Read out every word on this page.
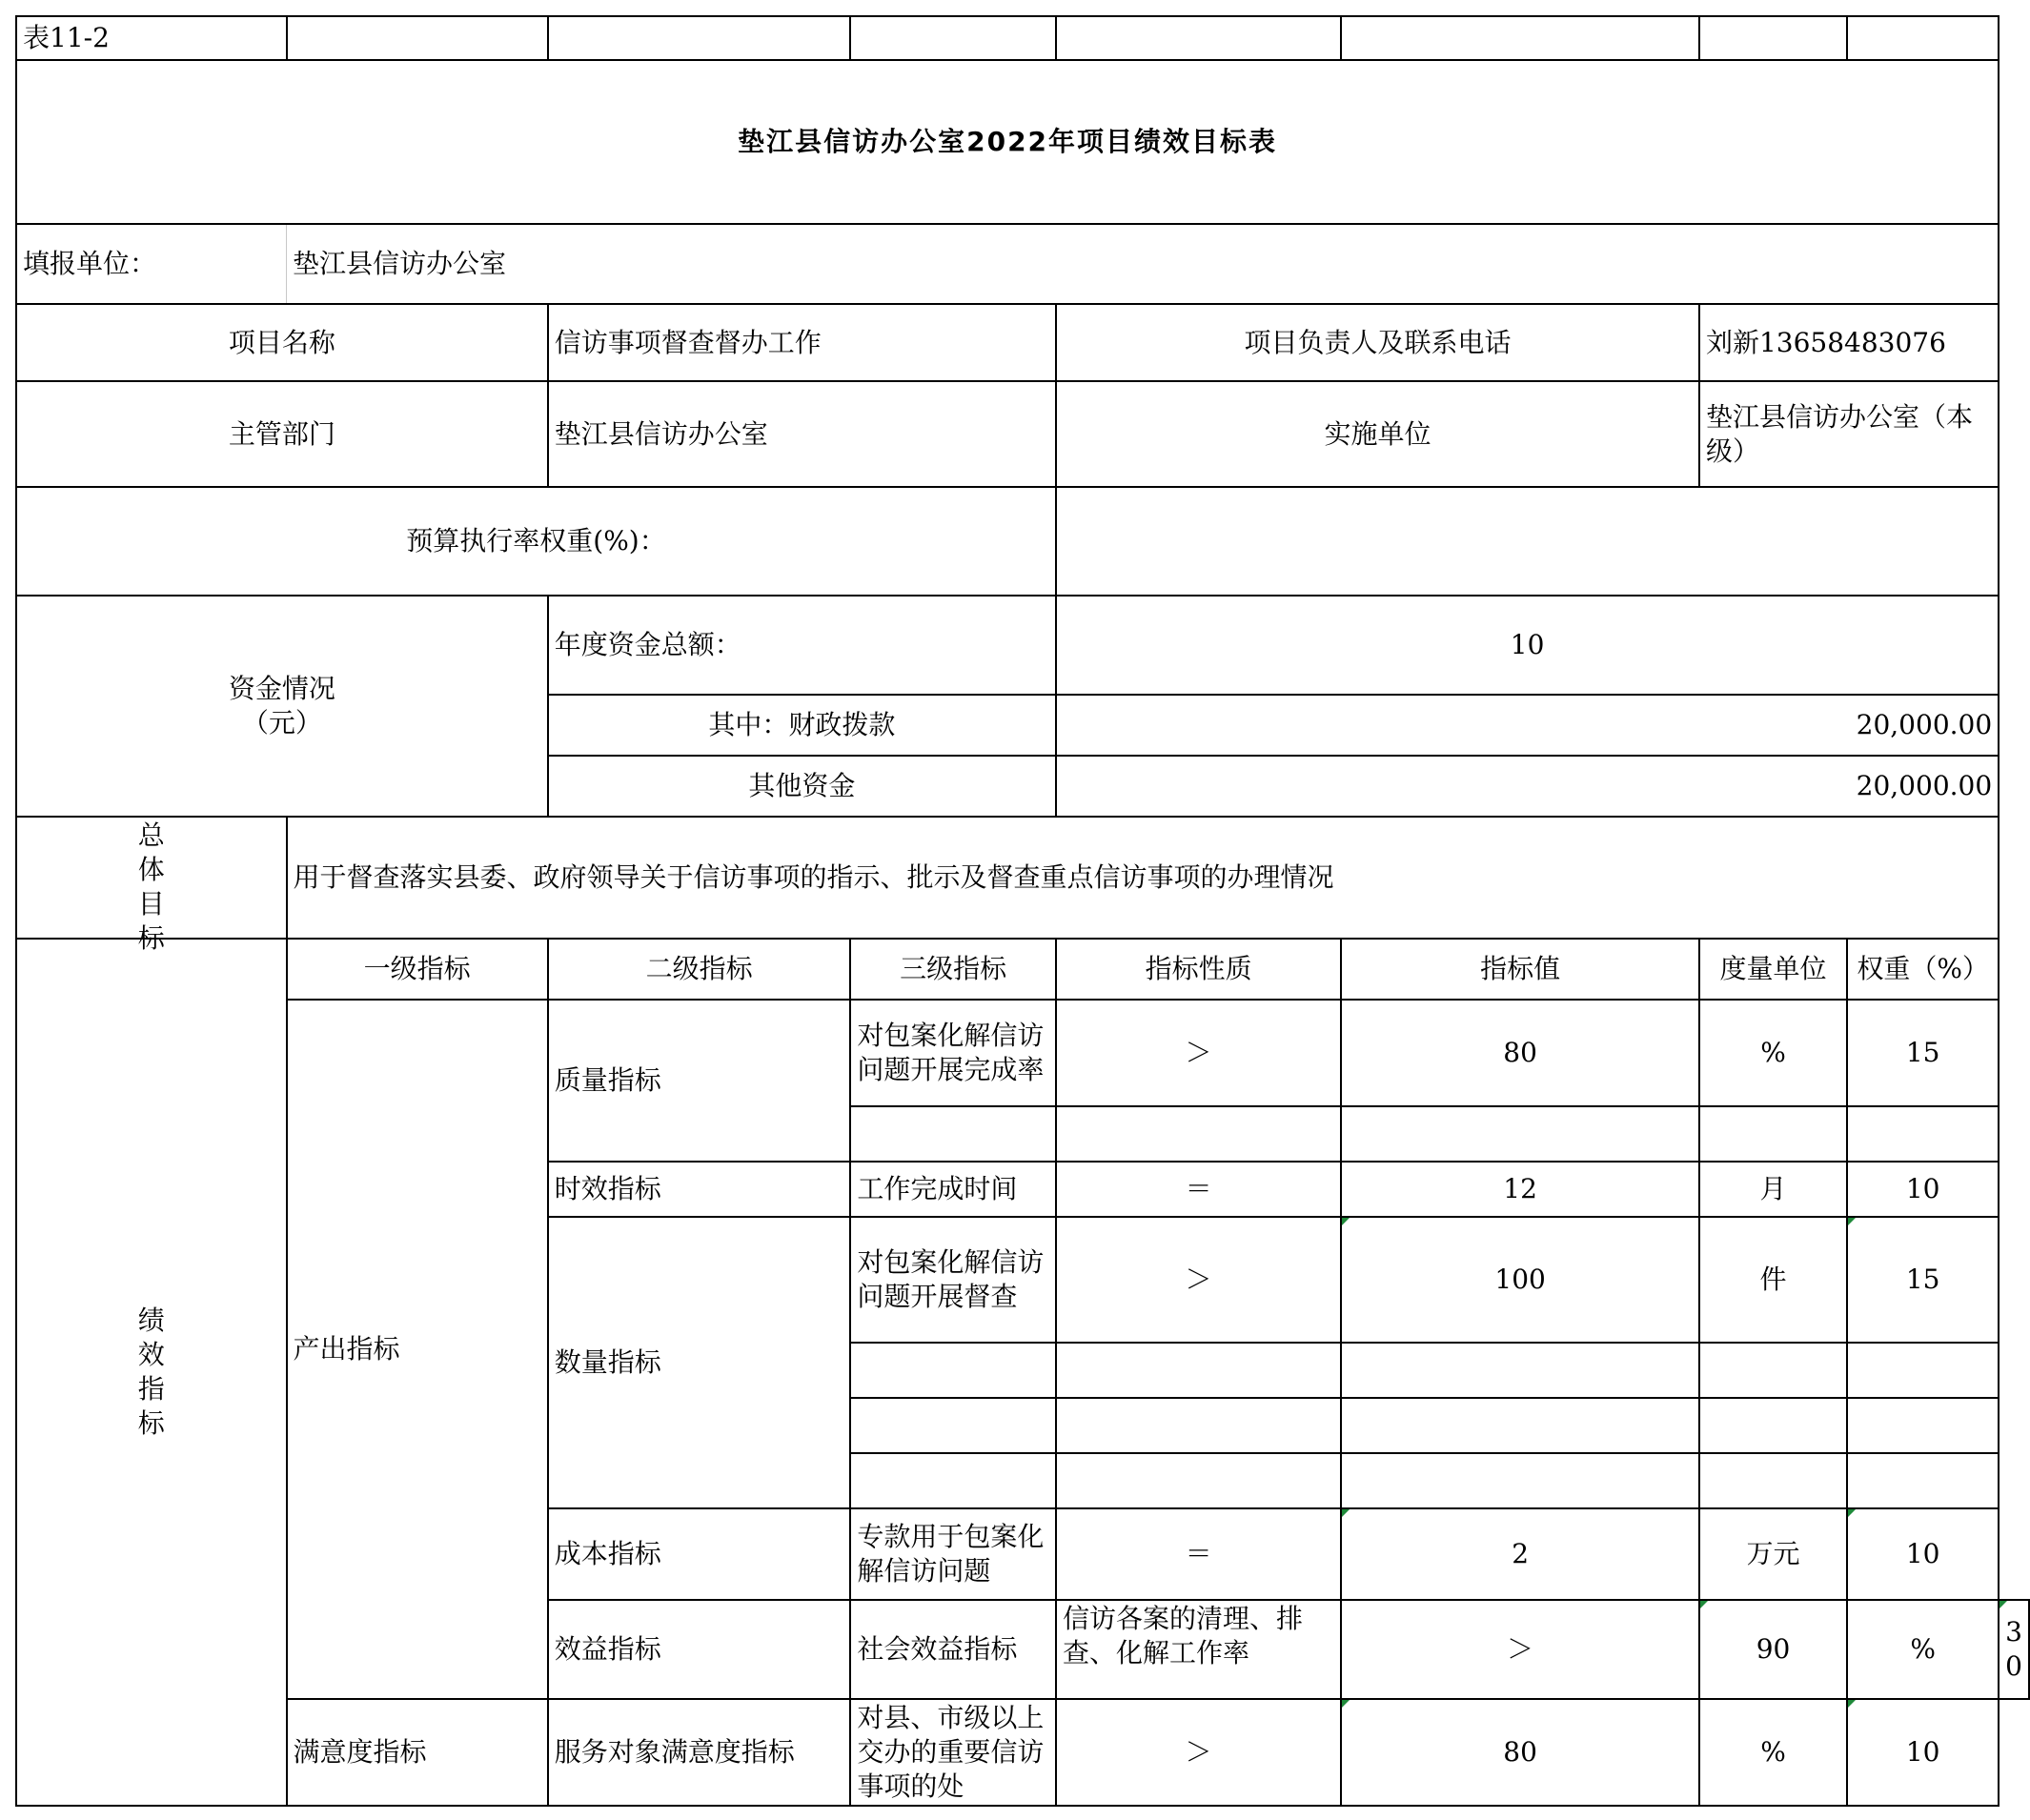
表11-2								
垫江县信访办公室2022年项目绩效目标表								
填报单位：	垫江县信访办公室							
项目名称		信访事项督查督办工作		项目负责人及联系电话		刘新13658483076		
主管部门		垫江县信访办公室		实施单位		垫江县信访办公室（本级）		
预算执行率权重(%)：								

资金情况
（元）		年度资金总额：		10				
		其中：财政拨款		20,000.00				
		其他资金		20,000.00				

总体目标	用于督查落实县委、政府领导关于信访事项的指示、批示及督查重点信访事项的办理情况							
绩效指标	一级指标	二级指标	三级指标	指标性质	指标值	度量单位	权重（%）	
	产出指标	质量指标	对包案化解信访问题开展完成率	＞	80	%	15	

		时效指标	工作完成时间	＝	12	月	10	
		数量指标	对包案化解信访问题开展督查	＞	100	件	15	

		成本指标	专款用于包案化解信访问题	＝	2	万元	10	
		效益指标	社会效益指标	信访各案的清理、排查、化解工作率	＞	90	%	30
	满意度指标	服务对象满意度指标	对县、市级以上交办的重要信访事项的处	＞	80	%	10	
